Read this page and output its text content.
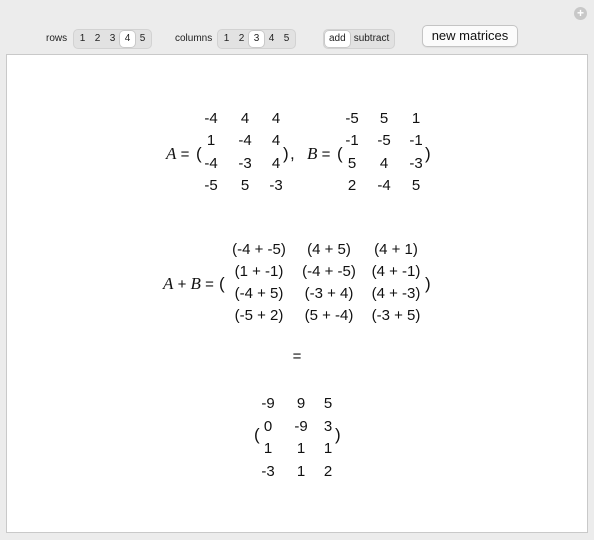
+
rows	1 2 3 4 5	columns	1 2 3 4 5	add subtract	new matrices
A = (
-4 4 4
1 -4 4
-4 -3 4
-5 5 -3
) , B = (
-5 5 1
-1 -5 -1
5 4 -3
2 -4 5
)
A + B = (
(-4 + -5) (4 + 5) (4 + 1)
(1 + -1) (-4 + -5) (4 + -1)
(-4 + 5) (-3 + 4) (4 + -3)
(-5 + 2) (5 + -4) (-3 + 5)
)
=
(
-9 9 5
0 -9 3
1 1 1
-3 1 2
)
